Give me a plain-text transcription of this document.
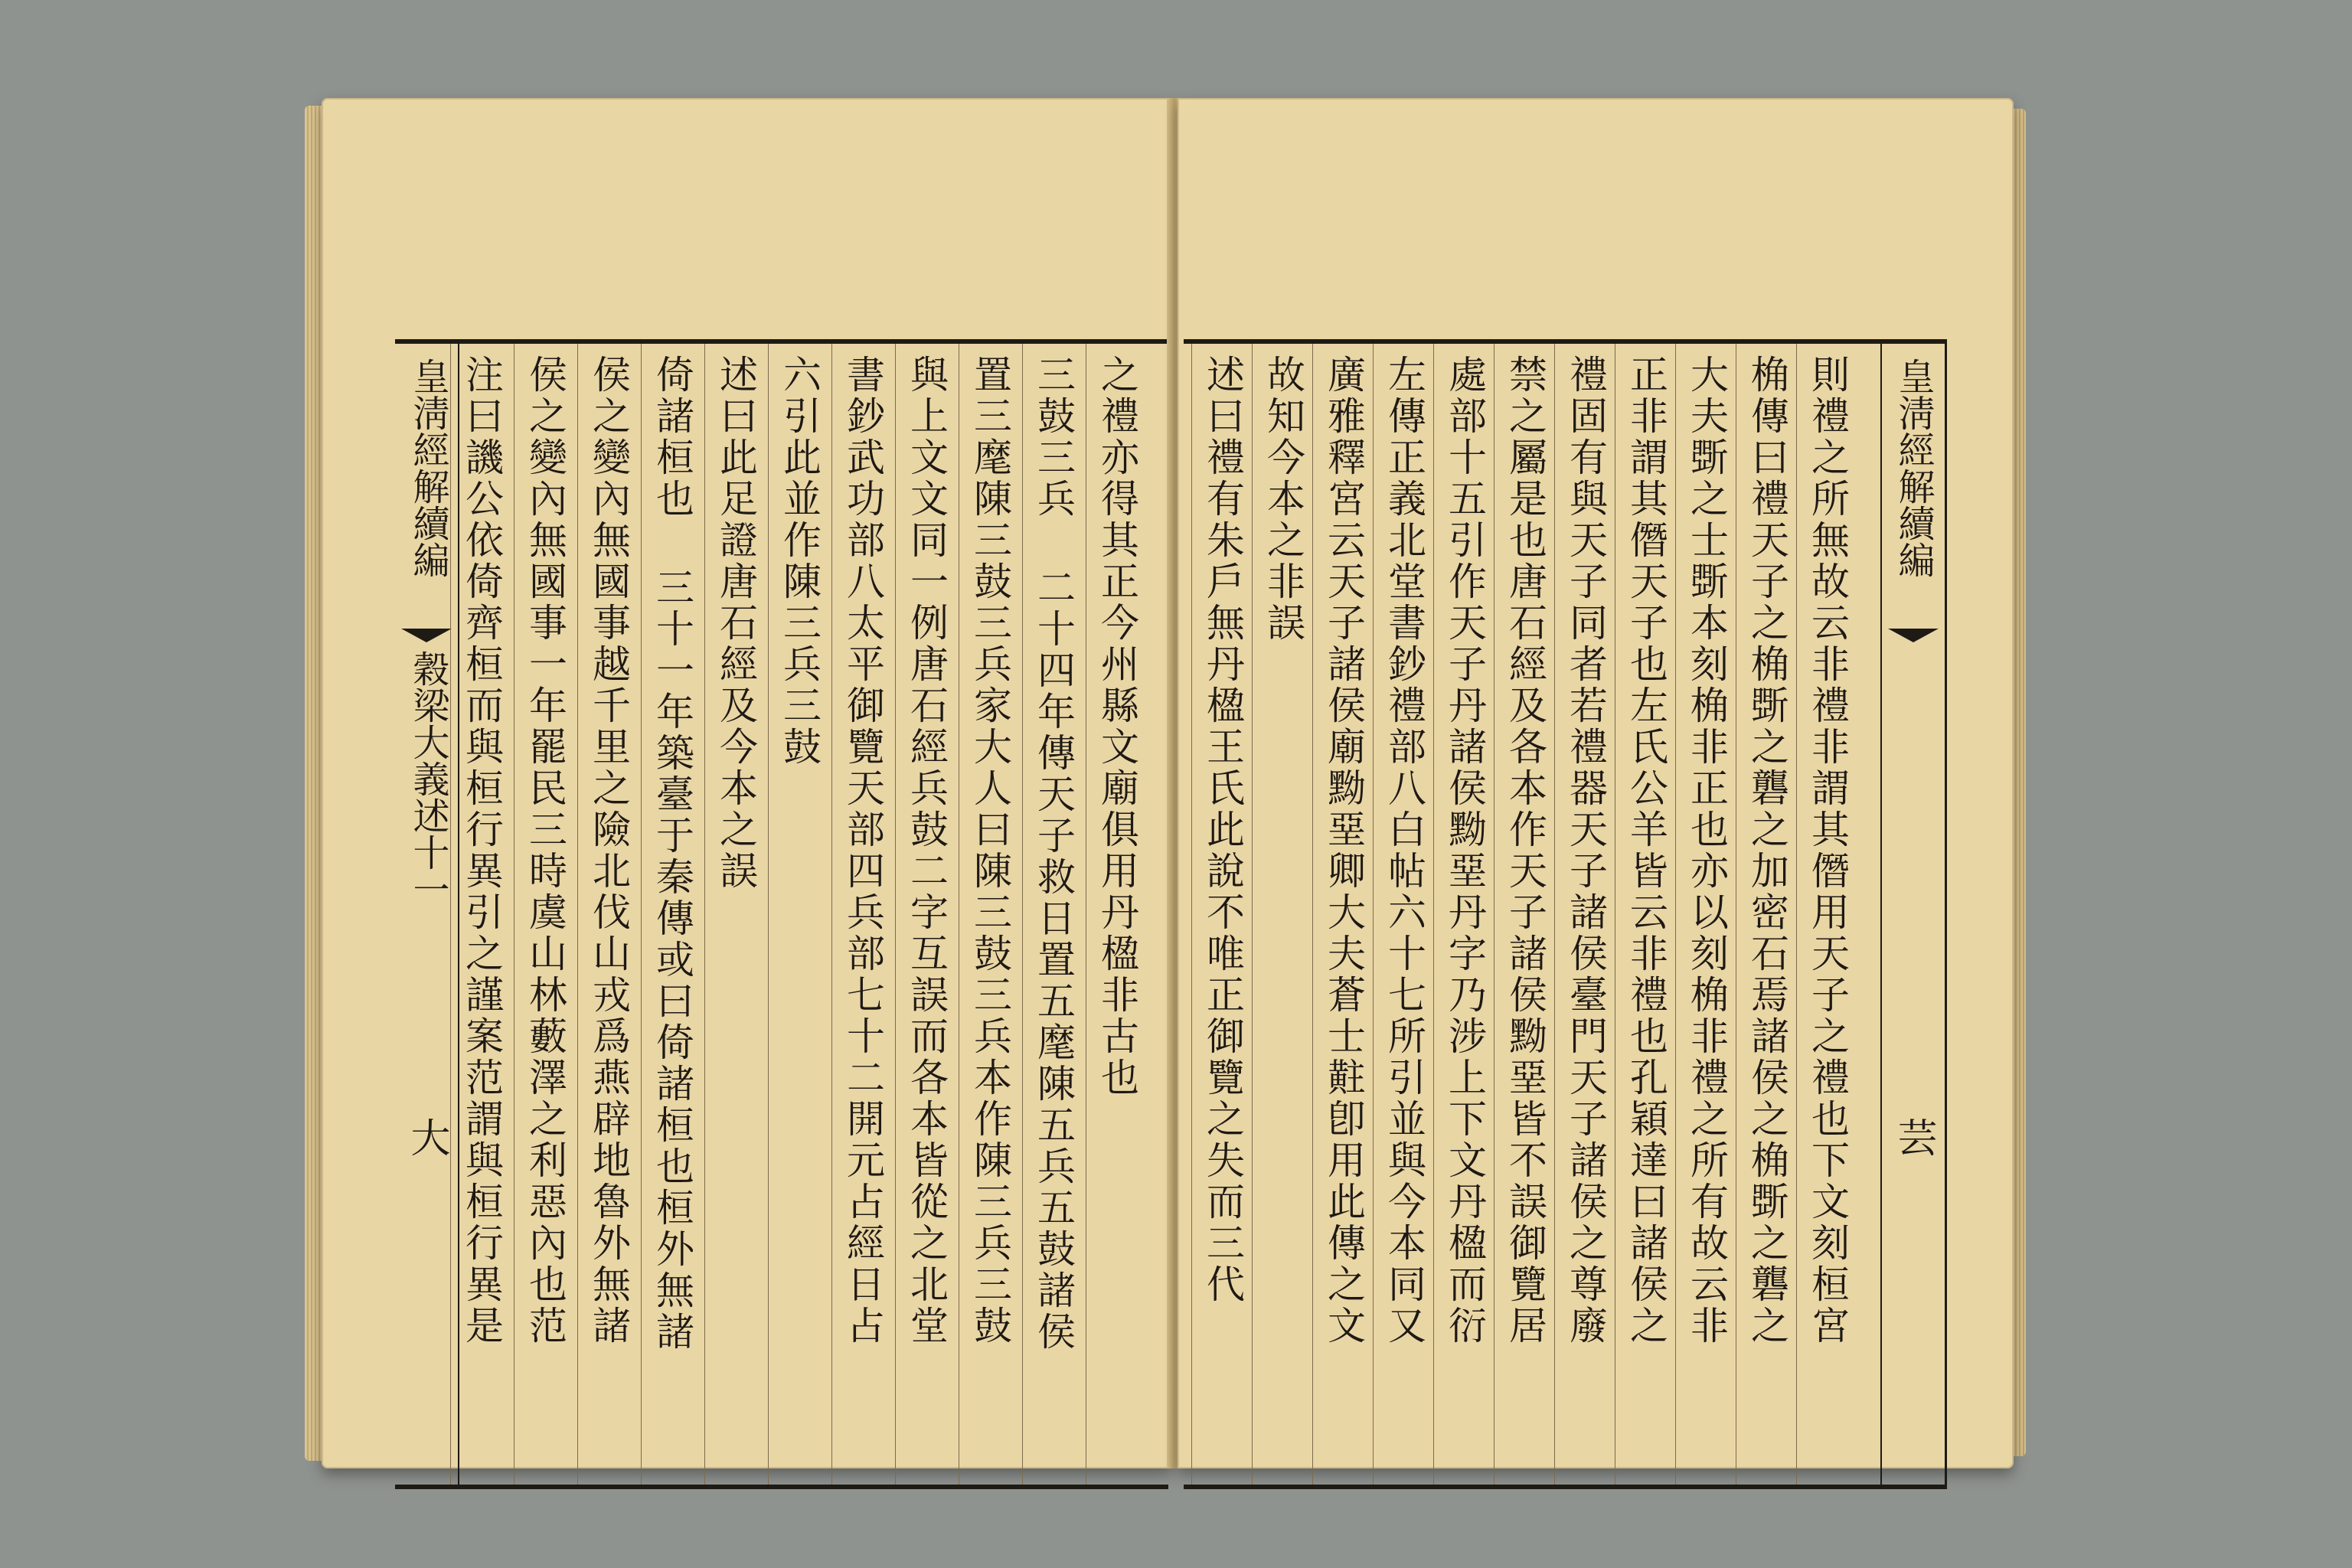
皇淸經解續編
穀梁大義述十一
大
之禮亦得其正今州縣文廟俱用丹楹非古也
三鼓三兵 二十四年傳天子救日置五麾陳五兵五鼓諸侯
置三麾陳三鼓三兵家大人曰陳三鼓三兵本作陳三兵三鼓
與上文文同一例唐石經兵鼓二字互誤而各本皆從之北堂
書鈔武功部八太平御覽天部四兵部七十二開元占經日占
六引此並作陳三兵三鼓
述曰此足證唐石經及今本之誤
倚諸桓也 三十一年築臺于秦傳或曰倚諸桓也桓外無諸
侯之變內無國事越千里之險北伐山戎爲燕辟地魯外無諸
侯之變內無國事一年罷民三時虞山林藪澤之利惡內也范
注曰譏公依倚齊桓而與桓行異引之謹案范謂與桓行異是	皇淸經解續編
芸
則禮之所無故云非禮非謂其僭用天子之禮也下文刻桓宮
桷傳曰禮天子之桷斲之礱之加密石焉諸侯之桷斲之礱之
大夫斲之士斲本刻桷非正也亦以刻桷非禮之所有故云非
正非謂其僭天子也左氏公羊皆云非禮也孔穎達曰諸侯之
禮固有與天子同者若禮器天子諸侯臺門天子諸侯之尊廢
禁之屬是也唐石經及各本作天子諸侯黝堊皆不誤御覽居
處部十五引作天子丹諸侯黝堊丹字乃涉上下文丹楹而衍
左傳正義北堂書鈔禮部八白帖六十七所引並與今本同又
廣雅釋宮云天子諸侯廟黝堊卿大夫蒼士黈卽用此傳之文
故知今本之非誤
述曰禮有朱戶無丹楹王氏此說不唯正御覽之失而三代
